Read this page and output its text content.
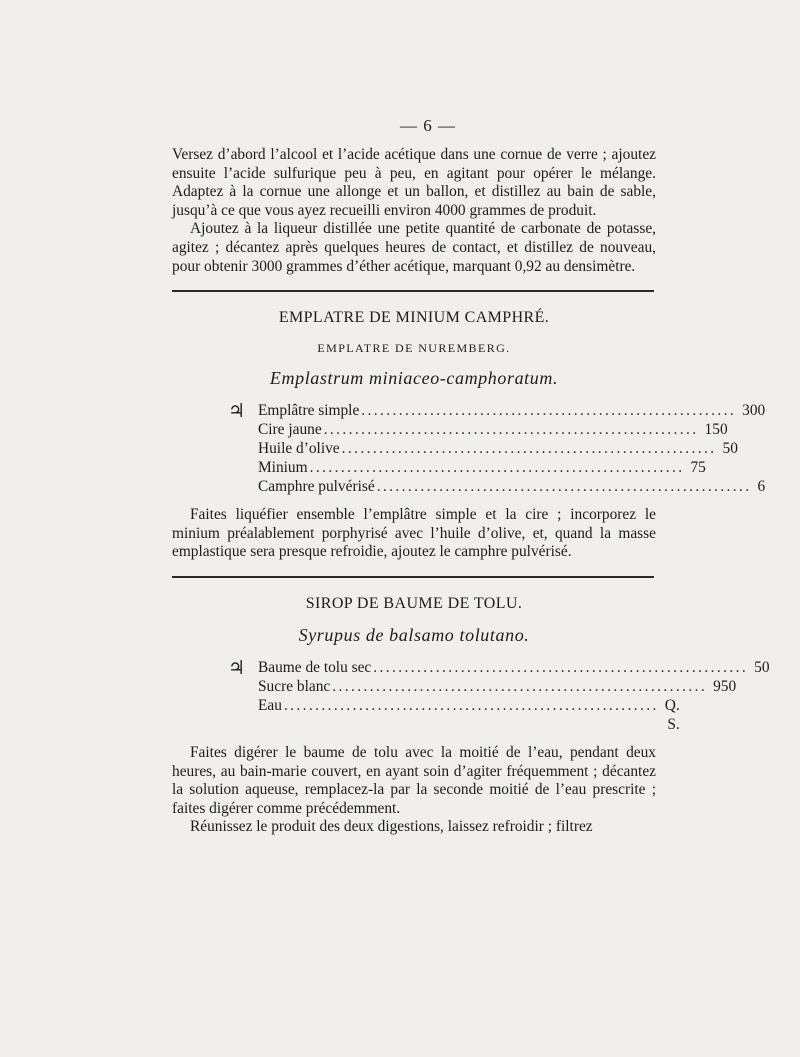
— 6 —

Versez d’abord l’alcool et l’acide acétique dans une cornue de verre ; ajoutez ensuite l’acide sulfurique peu à peu, en agitant pour opérer le mélange. Adaptez à la cornue une allonge et un ballon, et distillez au bain de sable, jusqu’à ce que vous ayez recueilli environ 4000 grammes de produit.

Ajoutez à la liqueur distillée une petite quantité de carbonate de potasse, agitez ; décantez après quelques heures de contact, et distillez de nouveau, pour obtenir 3000 grammes d’éther acétique, marquant 0,92 au densimètre.

EMPLATRE DE MINIUM CAMPHRÉ.
EMPLATRE DE NUREMBERG.
Emplastrum miniaceo-camphoratum.
♃ Emplâtre simple ............................................................ 300
Cire jaune ............................................................ 150
Huile d’olive ............................................................ 50
Minium ............................................................ 75
Camphre pulvérisé ............................................................ 6

Faites liquéfier ensemble l’emplâtre simple et la cire ; incorporez le minium préalablement porphyrisé avec l’huile d’olive, et, quand la masse emplastique sera presque refroidie, ajoutez le camphre pulvérisé.

SIROP DE BAUME DE TOLU.
Syrupus de balsamo tolutano.
♃ Baume de tolu sec ............................................................ 50
Sucre blanc ............................................................ 950
Eau ............................................................ Q. S.

Faites digérer le baume de tolu avec la moitié de l’eau, pendant deux heures, au bain-marie couvert, en ayant soin d’agiter fréquemment ; décantez la solution aqueuse, remplacez-la par la seconde moitié de l’eau prescrite ; faites digérer comme précédemment.

Réunissez le produit des deux digestions, laissez refroidir ; filtrez
